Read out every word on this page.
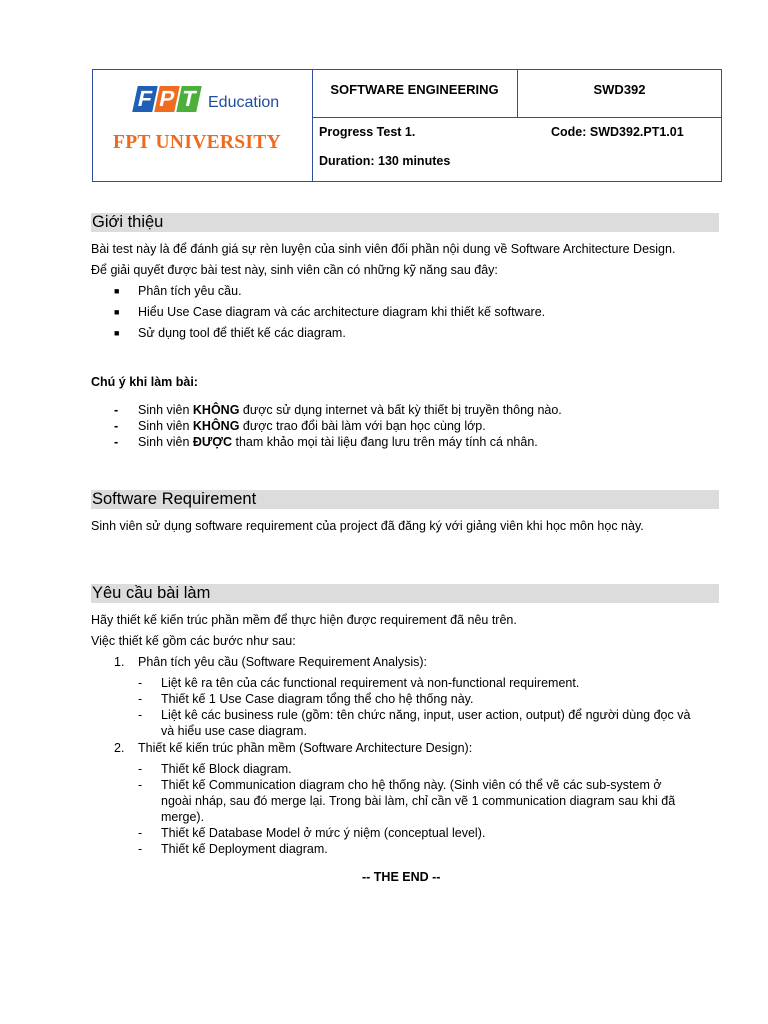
F P T Education
FPT UNIVERSITY
SOFTWARE ENGINEERING	SWD392
Progress Test 1.	Code: SWD392.PT1.01
Duration: 130 minutes
Giới thiệu
Bài test này là để đánh giá sự rèn luyện của sinh viên đối phần nội dung về Software Architecture Design.
Để giải quyết được bài test này, sinh viên cần có những kỹ năng sau đây:
■ Phân tích yêu cầu.
■ Hiểu Use Case diagram và các architecture diagram khi thiết kế software.
■ Sử dụng tool để thiết kế các diagram.
Chú ý khi làm bài:
- Sinh viên KHÔNG được sử dụng internet và bất kỳ thiết bị truyền thông nào.
- Sinh viên KHÔNG được trao đổi bài làm với bạn học cùng lớp.
- Sinh viên ĐƯỢC tham khảo mọi tài liệu đang lưu trên máy tính cá nhân.
Software Requirement
Sinh viên sử dụng software requirement của project đã đăng ký với giảng viên khi học môn học này.
Yêu cầu bài làm
Hãy thiết kế kiến trúc phần mềm để thực hiện được requirement đã nêu trên.
Việc thiết kế gồm các bước như sau:
1. Phân tích yêu cầu (Software Requirement Analysis):
- Liệt kê ra tên của các functional requirement và non-functional requirement.
- Thiết kế 1 Use Case diagram tổng thể cho hệ thống này.
- Liệt kê các business rule (gồm: tên chức năng, input, user action, output) để người dùng đọc và
và hiểu use case diagram.
2. Thiết kế kiến trúc phần mềm (Software Architecture Design):
- Thiết kế Block diagram.
- Thiết kế Communication diagram cho hệ thống này. (Sinh viên có thể vẽ các sub-system ở
ngoài nháp, sau đó merge lại. Trong bài làm, chỉ cần vẽ 1 communication diagram sau khi đã
merge).
- Thiết kế Database Model ở mức ý niệm (conceptual level).
- Thiết kế Deployment diagram.
-- THE END --
